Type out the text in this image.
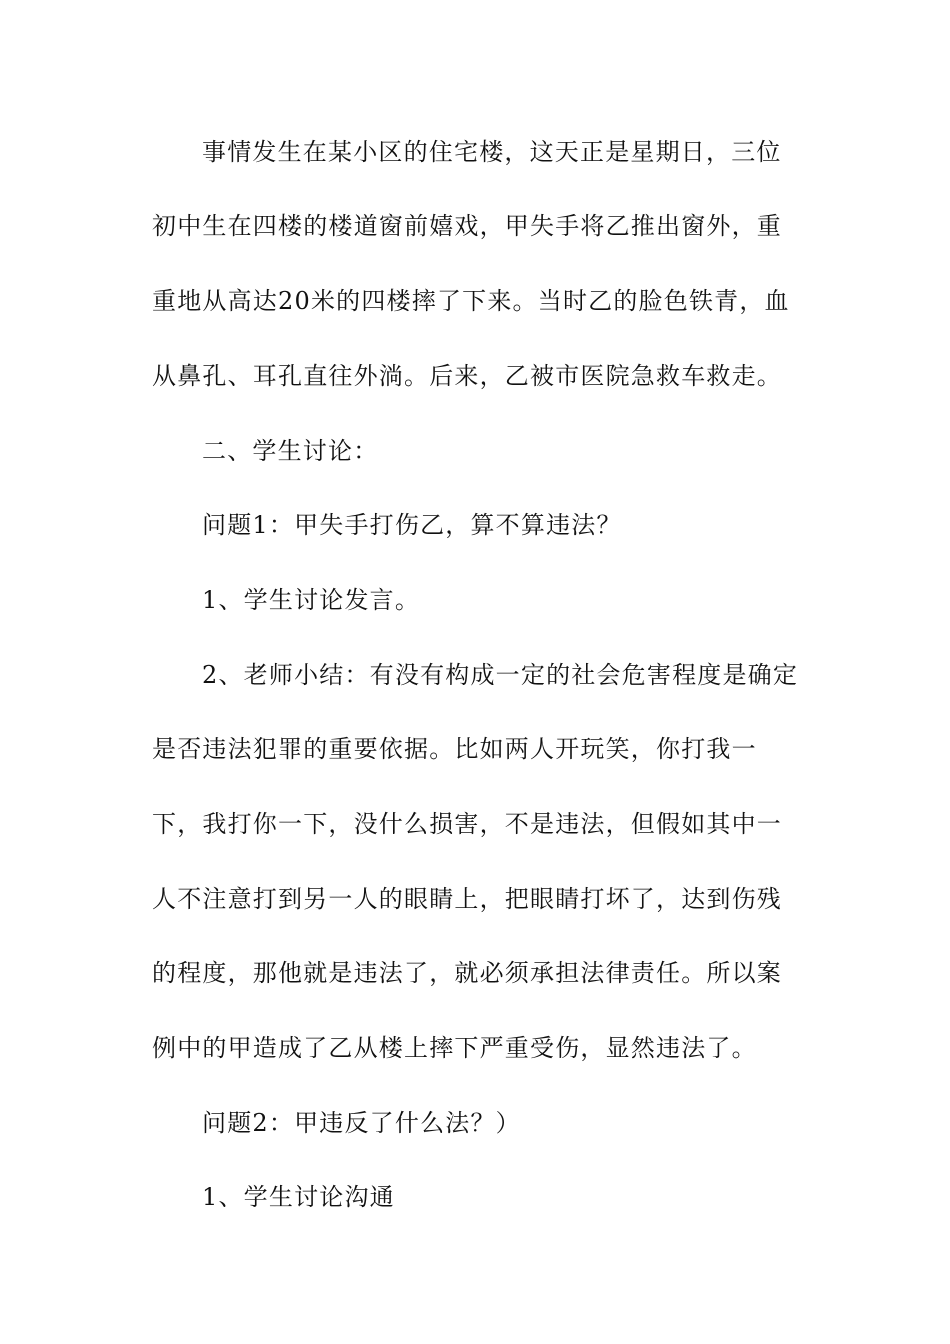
事情发生在某小区的住宅楼，这天正是星期日，三位
初中生在四楼的楼道窗前嬉戏，甲失手将乙推出窗外，重
重地从高达20米的四楼摔了下来。当时乙的脸色铁青，血
从鼻孔、耳孔直往外淌。后来，乙被市医院急救车救走。
二、学生讨论：
问题1：甲失手打伤乙，算不算违法？
1、学生讨论发言。
2、老师小结：有没有构成一定的社会危害程度是确定
是否违法犯罪的重要依据。比如两人开玩笑，你打我一
下，我打你一下，没什么损害，不是违法，但假如其中一
人不注意打到另一人的眼睛上，把眼睛打坏了，达到伤残
的程度，那他就是违法了，就必须承担法律责任。所以案
例中的甲造成了乙从楼上摔下严重受伤，显然违法了。
问题2：甲违反了什么法？）
1、学生讨论沟通
